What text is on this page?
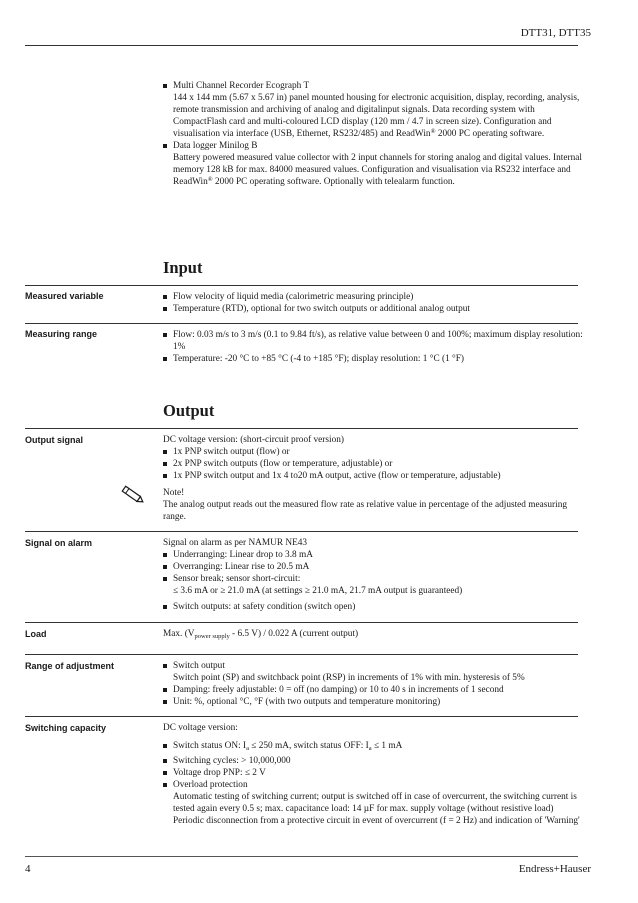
DTT31, DTT35
Multi Channel Recorder Ecograph T
144 x 144 mm (5.67 x 5.67 in) panel mounted housing for electronic acquisition, display, recording, analysis, remote transmission and archiving of analog and digitalinput signals. Data recording system with CompactFlash card and multi-coloured LCD display (120 mm / 4.7 in screen size). Configuration and visualisation via interface (USB, Ethernet, RS232/485) and ReadWin® 2000 PC operating software.
Data logger Minilog B
Battery powered measured value collector with 2 input channels for storing analog and digital values. Internal memory 128 kB for max. 84000 measured values. Configuration and visualisation via RS232 interface and ReadWin® 2000 PC operating software. Optionally with telealarm function.
Input
Measured variable	Flow velocity of liquid media (calorimetric measuring principle)
Temperature (RTD), optional for two switch outputs or additional analog output
Measuring range	Flow: 0.03 m/s to 3 m/s (0.1 to 9.84 ft/s), as relative value between 0 and 100%; maximum display resolution: 1%
Temperature: -20 °C to +85 °C (-4 to +185 °F); display resolution: 1 °C (1 °F)
Output
Output signal	DC voltage version: (short-circuit proof version)
1x PNP switch output (flow) or
2x PNP switch outputs (flow or temperature, adjustable) or
1x PNP switch output and 1x 4 to20 mA output, active (flow or temperature, adjustable)
Note!
The analog output reads out the measured flow rate as relative value in percentage of the adjusted measuring range.
Signal on alarm	Signal on alarm as per NAMUR NE43
Underranging: Linear drop to 3.8 mA
Overranging: Linear rise to 20.5 mA
Sensor break; sensor short-circuit:
≤ 3.6 mA or ≥ 21.0 mA (at settings ≥ 21.0 mA, 21.7 mA output is guaranteed)
Switch outputs: at safety condition (switch open)
Load	Max. ($V_{power supply} - 6.5$ V) / 0.022 A (current output)
Range of adjustment	Switch output
Switch point (SP) and switchback point (RSP) in increments of 1% with min. hysteresis of 5%
Damping: freely adjustable: 0 = off (no damping) or 10 to 40 s in increments of 1 second
Unit: %, optional °C, °F (with two outputs and temperature monitoring)
Switching capacity	DC voltage version:
Switch status ON: $I_a \le 250$ mA, switch status OFF: $I_a \le 1$ mA
Switching cycles: > 10,000,000
Voltage drop PNP: ≤ 2 V
Overload protection
Automatic testing of switching current; output is switched off in case of overcurrent, the switching current is tested again every 0.5 s; max. capacitance load: 14 µF for max. supply voltage (without resistive load) Periodic disconnection from a protective circuit in event of overcurrent (f = 2 Hz) and indication of 'Warning'
4	Endress+Hauser
